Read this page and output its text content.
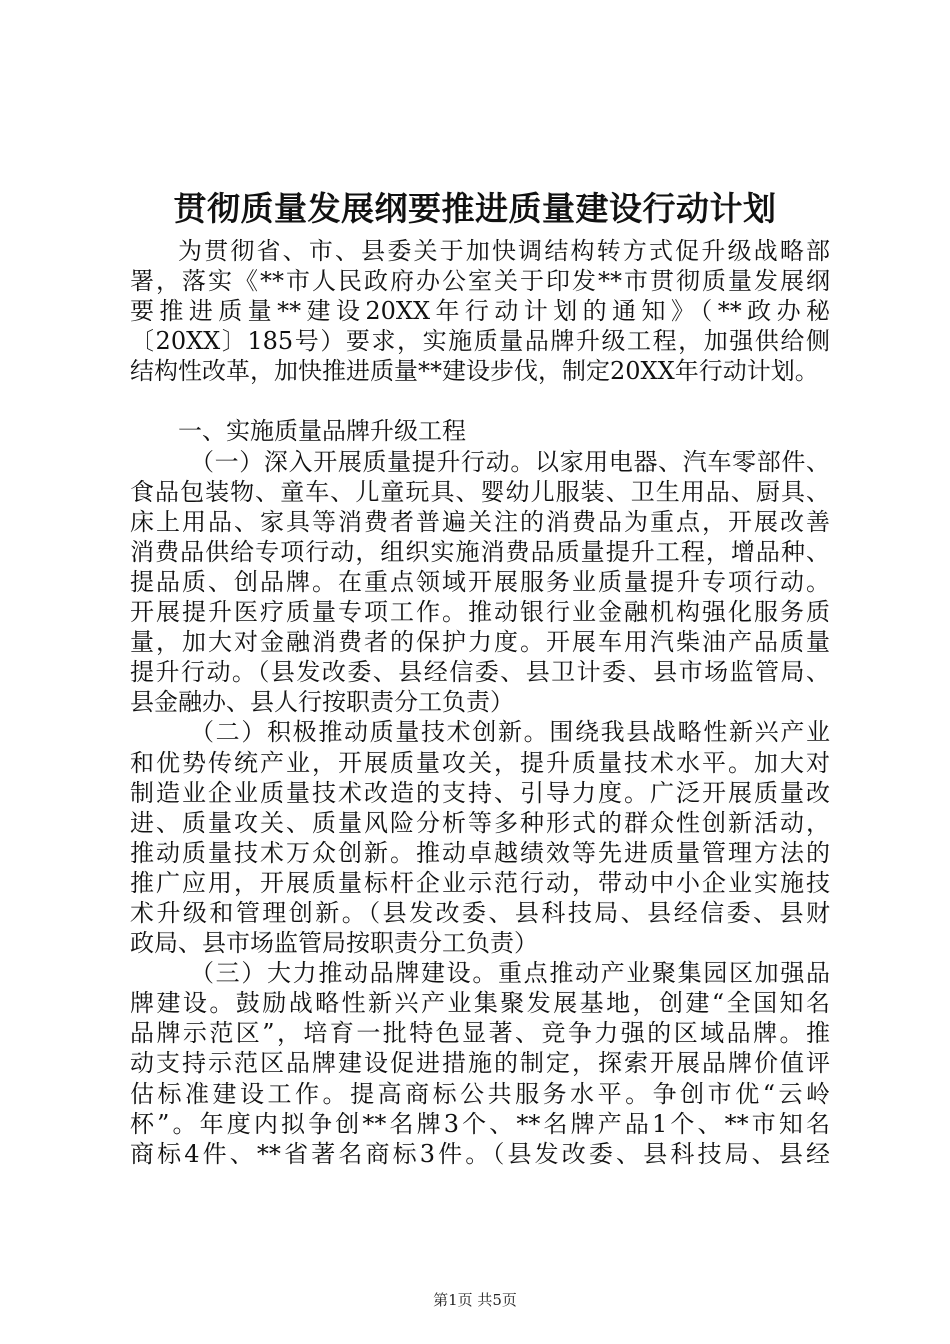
贯彻质量发展纲要推进质量建设行动计划
为贯彻省、市、县委关于加快调结构转方式促升级战略部
署，落实《**市人民政府办公室关于印发**市贯彻质量发展纲
要推进质量**建设20XX年行动计划的通知》（**政办秘
〔20XX〕185号）要求，实施质量品牌升级工程，加强供给侧
结构性改革，加快推进质量**建设步伐，制定20XX年行动计划。
一、实施质量品牌升级工程
（一）深入开展质量提升行动。以家用电器、汽车零部件、
食品包装物、童车、儿童玩具、婴幼儿服装、卫生用品、厨具、
床上用品、家具等消费者普遍关注的消费品为重点，开展改善
消费品供给专项行动，组织实施消费品质量提升工程，增品种、
提品质、创品牌。在重点领域开展服务业质量提升专项行动。
开展提升医疗质量专项工作。推动银行业金融机构强化服务质
量，加大对金融消费者的保护力度。开展车用汽柴油产品质量
提升行动。（县发改委、县经信委、县卫计委、县市场监管局、
县金融办、县人行按职责分工负责）
（二）积极推动质量技术创新。围绕我县战略性新兴产业
和优势传统产业，开展质量攻关，提升质量技术水平。加大对
制造业企业质量技术改造的支持、引导力度。广泛开展质量改
进、质量攻关、质量风险分析等多种形式的群众性创新活动，
推动质量技术万众创新。推动卓越绩效等先进质量管理方法的
推广应用，开展质量标杆企业示范行动，带动中小企业实施技
术升级和管理创新。（县发改委、县科技局、县经信委、县财
政局、县市场监管局按职责分工负责）
（三）大力推动品牌建设。重点推动产业聚集园区加强品
牌建设。鼓励战略性新兴产业集聚发展基地，创建“全国知名
品牌示范区”，培育一批特色显著、竞争力强的区域品牌。推
动支持示范区品牌建设促进措施的制定，探索开展品牌价值评
估标准建设工作。提高商标公共服务水平。争创市优“云岭
杯”。年度内拟争创**名牌3个、**名牌产品1个、**市知名
商标4件、**省著名商标3件。（县发改委、县科技局、县经
第1页 共5页
